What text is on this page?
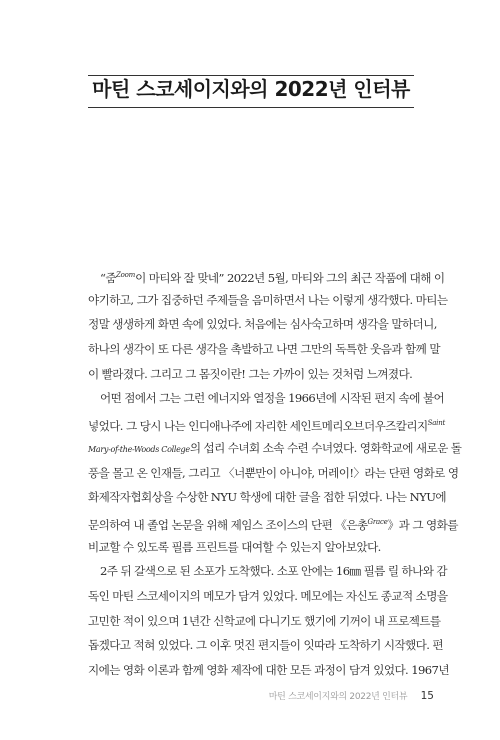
마틴 스코세이지와의 2022년 인터뷰
“줌$^{Zoom}$이 마티와 잘 맞네” 2022년 5월, 마티와 그의 최근 작품에 대해 이
야기하고, 그가 집중하던 주제들을 음미하면서 나는 이렇게 생각했다. 마티는
정말 생생하게 화면 속에 있었다. 처음에는 심사숙고하며 생각을 말하더니,
하나의 생각이 또 다른 생각을 촉발하고 나면 그만의 독특한 웃음과 함께 말
이 빨라졌다. 그리고 그 몸짓이란! 그는 가까이 있는 것처럼 느껴졌다.
어떤 점에서 그는 그런 에너지와 열정을 1966년에 시작된 편지 속에 불어
넣었다. 그 당시 나는 인디애나주에 자리한 세인트메리오브더우즈칼리지$^{Saint}$
Mary-of-the-Woods College의 섭리 수녀회 소속 수련 수녀였다. 영화학교에 새로운 돌
풍을 몰고 온 인재들, 그리고 〈너뿐만이 아니야, 머레이!〉라는 단편 영화로 영
화제작자협회상을 수상한 NYU 학생에 대한 글을 접한 뒤였다. 나는 NYU에
문의하여 내 졸업 논문을 위해 제임스 조이스의 단편 《은총$^{Grace}$》과 그 영화를
비교할 수 있도록 필름 프린트를 대여할 수 있는지 알아보았다.
2주 뒤 갈색으로 된 소포가 도착했다. 소포 안에는 16㎜ 필름 릴 하나와 감
독인 마틴 스코세이지의 메모가 담겨 있었다. 메모에는 자신도 종교적 소명을
고민한 적이 있으며 1년간 신학교에 다니기도 했기에 기꺼이 내 프로젝트를
돕겠다고 적혀 있었다. 그 이후 멋진 편지들이 잇따라 도착하기 시작했다. 편
지에는 영화 이론과 함께 영화 제작에 대한 모든 과정이 담겨 있었다. 1967년
마틴 스코세이지와의 2022년 인터뷰 15
